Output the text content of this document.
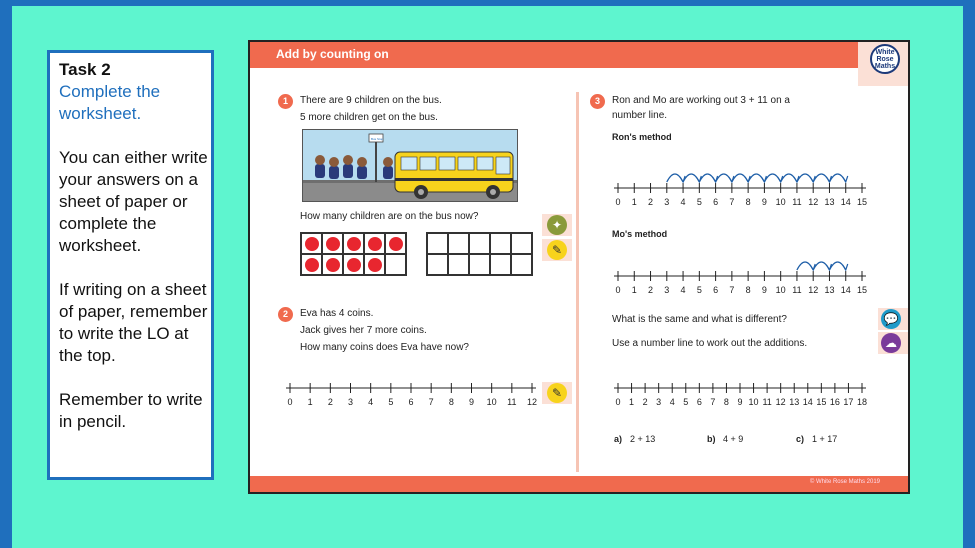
Task 2

Complete the worksheet.

You can either write your answers on a sheet of paper or complete the worksheet.

If writing on a sheet of paper, remember to write the LO at the top.

Remember to write in pencil.

Add by counting on	White
Rose
Maths
1	There are 9 children on the bus.
5 more children get on the bus.
Bus Stop
How many children are on the bus now?
✦
✎
2	Eva has 4 coins.
Jack gives her 7 more coins.
How many coins does Eva have now?
0 1 2 3 4 5 6 7 8 9 10 11 12
✎
3	Ron and Mo are working out 3 + 11 on a
number line.
Ron's method
0 1 2 3 4 5 6 7 8 9 10 11 12 13 14 15
Mo's method
0 1 2 3 4 5 6 7 8 9 10 11 12 13 14 15
What is the same and what is different?
Use a number line to work out the additions.
0 1 2 3 4 5 6 7 8 9 10 11 12 13 14 15 16 17 18
a) 2 + 13	b) 4 + 9	c) 1 + 17
💬
☁
© White Rose Maths 2019
